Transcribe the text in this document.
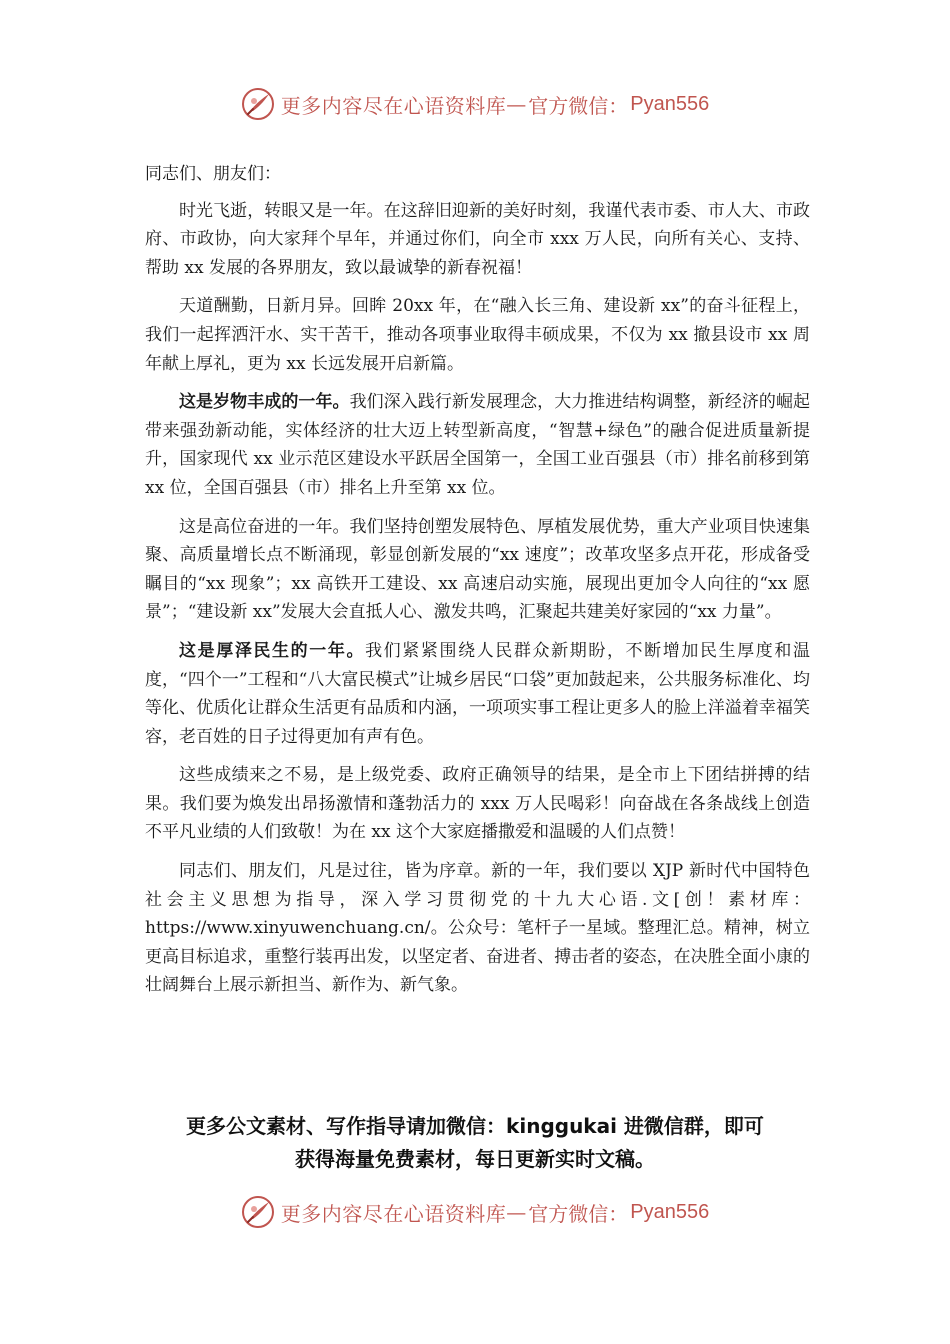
更多内容尽在心语资料库 — 官方微信： Pyan556

同志们、朋友们：

时光飞逝，转眼又是一年。在这辞旧迎新的美好时刻，我谨代表市委、市人大、市政府、市政协，向大家拜个早年，并通过你们，向全市 xxx 万人民，向所有关心、支持、帮助 xx 发展的各界朋友，致以最诚挚的新春祝福！

天道酬勤，日新月异。回眸 20xx 年，在“融入长三角、建设新 xx”的奋斗征程上，我们一起挥洒汗水、实干苦干，推动各项事业取得丰硕成果，不仅为 xx 撤县设市 xx 周年献上厚礼，更为 xx 长远发展开启新篇。

这是岁物丰成的一年。我们深入践行新发展理念，大力推进结构调整，新经济的崛起带来强劲新动能，实体经济的壮大迈上转型新高度，“智慧+绿色”的融合促进质量新提升，国家现代 xx 业示范区建设水平跃居全国第一，全国工业百强县（市）排名前移到第 xx 位，全国百强县（市）排名上升至第 xx 位。

这是高位奋进的一年。我们坚持创塑发展特色、厚植发展优势，重大产业项目快速集聚、高质量增长点不断涌现，彰显创新发展的“xx 速度”；改革攻坚多点开花，形成备受瞩目的“xx 现象”；xx 高铁开工建设、xx 高速启动实施，展现出更加令人向往的“xx 愿景”；“建设新 xx”发展大会直抵人心、激发共鸣，汇聚起共建美好家园的“xx 力量”。

这是厚泽民生的一年。我们紧紧围绕人民群众新期盼，不断增加民生厚度和温度，“四个一”工程和“八大富民模式”让城乡居民“口袋”更加鼓起来，公共服务标准化、均等化、优质化让群众生活更有品质和内涵，一项项实事工程让更多人的脸上洋溢着幸福笑容，老百姓的日子过得更加有声有色。

这些成绩来之不易，是上级党委、政府正确领导的结果，是全市上下团结拼搏的结果。我们要为焕发出昂扬激情和蓬勃活力的 xxx 万人民喝彩！向奋战在各条战线上创造不平凡业绩的人们致敬！为在 xx 这个大家庭播撒爱和温暖的人们点赞！

同志们、朋友们，凡是过往，皆为序章。新的一年，我们要以 XJP 新时代中国特色社会主义思想为指导，深入学习贯彻党的十九大心语.文[创！素材库：https://www.xinyuwenchuang.cn/。公众号：笔杆子一星域。整理汇总。精神，树立更高目标追求，重整行装再出发，以坚定者、奋进者、搏击者的姿态，在决胜全面小康的壮阔舞台上展示新担当、新作为、新气象。

更多公文素材、写作指导请加微信：kinggukai 进微信群，即可
获得海量免费素材，每日更新实时文稿。
更多内容尽在心语资料库 — 官方微信： Pyan556
